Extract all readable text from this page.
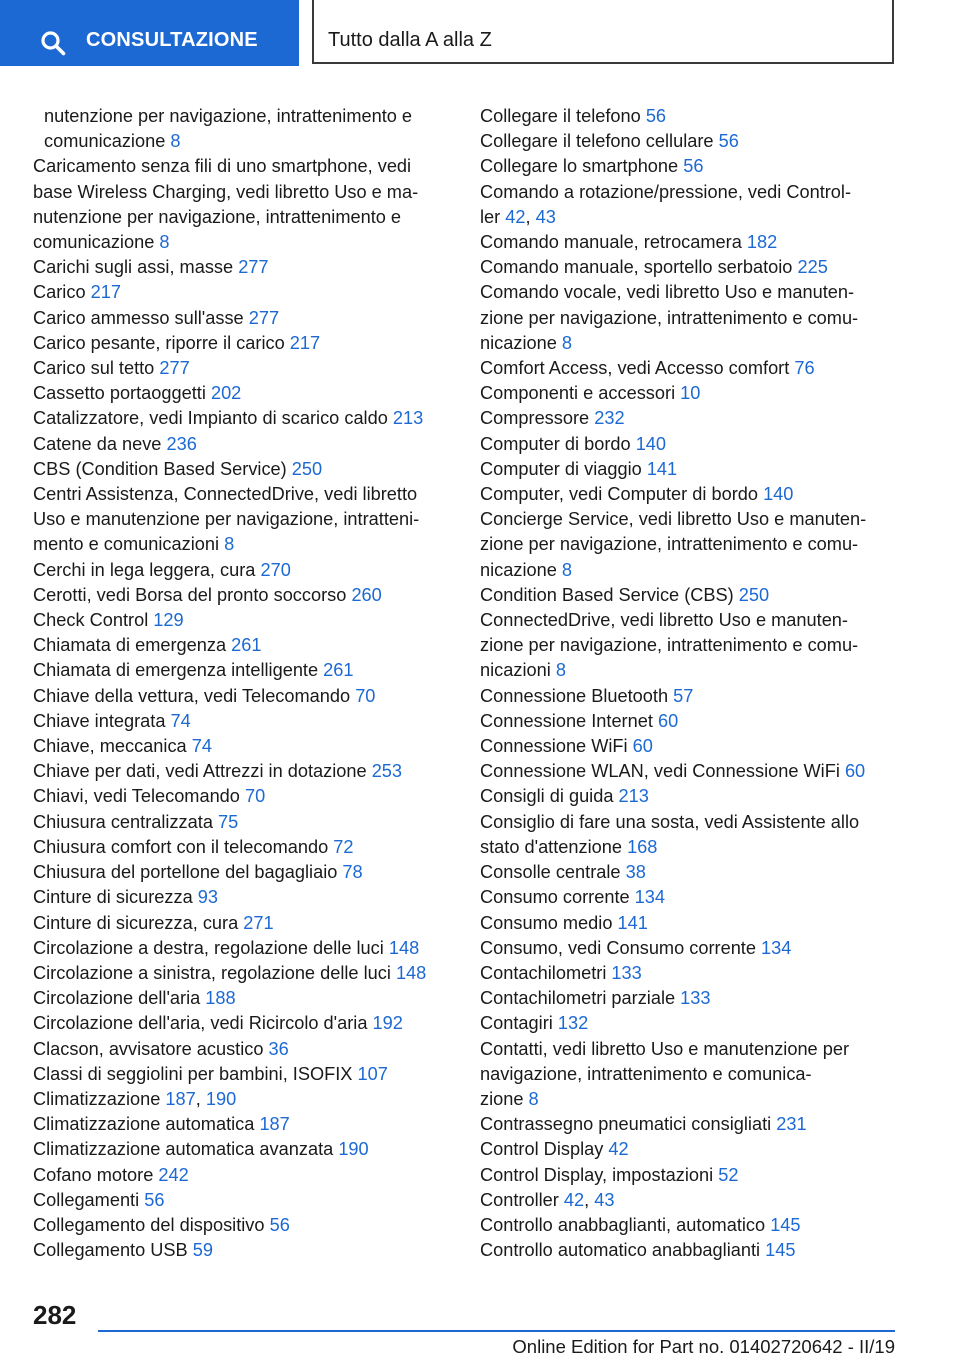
CONSULTAZIONE	Tutto dalla A alla Z
nutenzione per navigazione, intrattenimento e
comunicazione 8
Caricamento senza fili di uno smartphone, vedi
base Wireless Charging, vedi libretto Uso e ma-
nutenzione per navigazione, intrattenimento e
comunicazione 8
Carichi sugli assi, masse 277
Carico 217
Carico ammesso sull'asse 277
Carico pesante, riporre il carico 217
Carico sul tetto 277
Cassetto portaoggetti 202
Catalizzatore, vedi Impianto di scarico caldo 213
Catene da neve 236
CBS (Condition Based Service) 250
Centri Assistenza, ConnectedDrive, vedi libretto
Uso e manutenzione per navigazione, intratteni-
mento e comunicazioni 8
Cerchi in lega leggera, cura 270
Cerotti, vedi Borsa del pronto soccorso 260
Check Control 129
Chiamata di emergenza 261
Chiamata di emergenza intelligente 261
Chiave della vettura, vedi Telecomando 70
Chiave integrata 74
Chiave, meccanica 74
Chiave per dati, vedi Attrezzi in dotazione 253
Chiavi, vedi Telecomando 70
Chiusura centralizzata 75
Chiusura comfort con il telecomando 72
Chiusura del portellone del bagagliaio 78
Cinture di sicurezza 93
Cinture di sicurezza, cura 271
Circolazione a destra, regolazione delle luci 148
Circolazione a sinistra, regolazione delle luci 148
Circolazione dell'aria 188
Circolazione dell'aria, vedi Ricircolo d'aria 192
Clacson, avvisatore acustico 36
Classi di seggiolini per bambini, ISOFIX 107
Climatizzazione 187, 190
Climatizzazione automatica 187
Climatizzazione automatica avanzata 190
Cofano motore 242
Collegamenti 56
Collegamento del dispositivo 56
Collegamento USB 59
Collegare il telefono 56
Collegare il telefono cellulare 56
Collegare lo smartphone 56
Comando a rotazione/pressione, vedi Control-
ler 42, 43
Comando manuale, retrocamera 182
Comando manuale, sportello serbatoio 225
Comando vocale, vedi libretto Uso e manuten-
zione per navigazione, intrattenimento e comu-
nicazione 8
Comfort Access, vedi Accesso comfort 76
Componenti e accessori 10
Compressore 232
Computer di bordo 140
Computer di viaggio 141
Computer, vedi Computer di bordo 140
Concierge Service, vedi libretto Uso e manuten-
zione per navigazione, intrattenimento e comu-
nicazione 8
Condition Based Service (CBS) 250
ConnectedDrive, vedi libretto Uso e manuten-
zione per navigazione, intrattenimento e comu-
nicazioni 8
Connessione Bluetooth 57
Connessione Internet 60
Connessione WiFi 60
Connessione WLAN, vedi Connessione WiFi 60
Consigli di guida 213
Consiglio di fare una sosta, vedi Assistente allo
stato d'attenzione 168
Consolle centrale 38
Consumo corrente 134
Consumo medio 141
Consumo, vedi Consumo corrente 134
Contachilometri 133
Contachilometri parziale 133
Contagiri 132
Contatti, vedi libretto Uso e manutenzione per
navigazione, intrattenimento e comunica-
zione 8
Contrassegno pneumatici consigliati 231
Control Display 42
Control Display, impostazioni 52
Controller 42, 43
Controllo anabbaglianti, automatico 145
Controllo automatico anabbaglianti 145
282
Online Edition for Part no. 01402720642 - II/19
